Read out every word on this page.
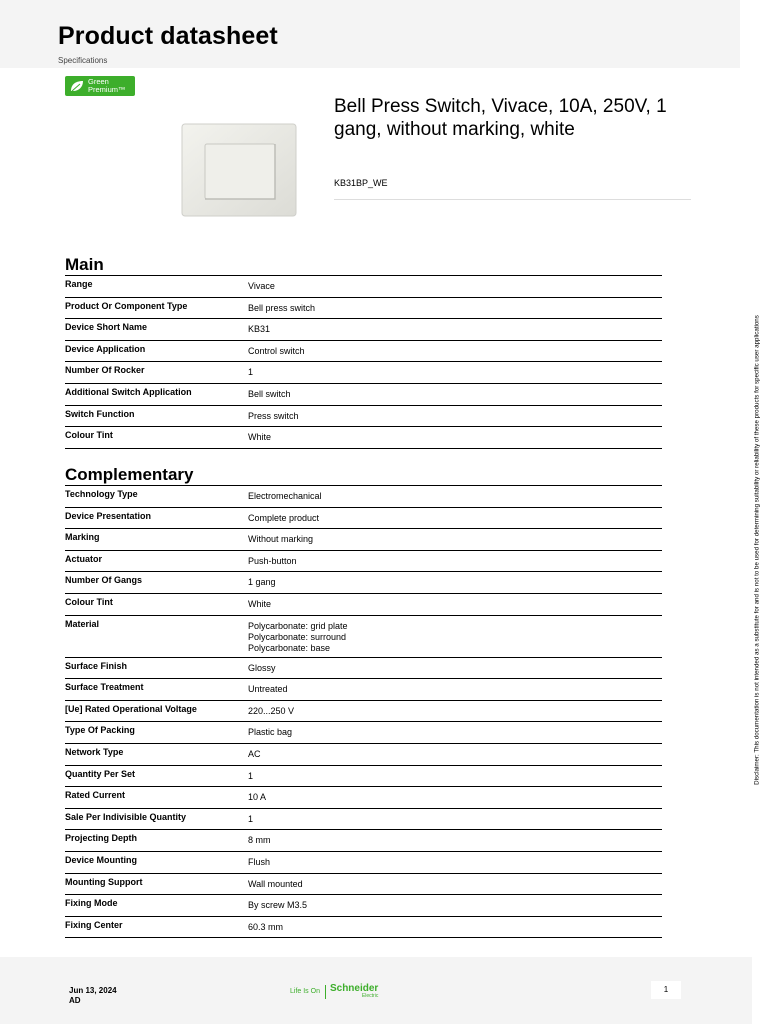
Product datasheet
Specifications
Green
Premium™
Bell Press Switch, Vivace, 10A, 250V, 1 gang, without marking, white
KB31BP_WE
Main
Range	Vivace
Product Or Component Type	Bell press switch
Device Short Name	KB31
Device Application	Control switch
Number Of Rocker	1
Additional Switch Application	Bell switch
Switch Function	Press switch
Colour Tint	White
Complementary
Technology Type	Electromechanical
Device Presentation	Complete product
Marking	Without marking
Actuator	Push-button
Number Of Gangs	1 gang
Colour Tint	White
Material	Polycarbonate: grid plate
Polycarbonate: surround
Polycarbonate: base
Surface Finish	Glossy
Surface Treatment	Untreated
[Ue] Rated Operational Voltage	220...250 V
Type Of Packing	Plastic bag
Network Type	AC
Quantity Per Set	1
Rated Current	10 A
Sale Per Indivisible Quantity	1
Projecting Depth	8 mm
Device Mounting	Flush
Mounting Support	Wall mounted
Fixing Mode	By screw M3.5
Fixing Center	60.3 mm
Disclaimer: This documentation is not intended as a substitute for and is not to be used for determining suitability or reliability of these products for specific user applications
Jun 13, 2024
AD
Life Is On Schneider
Electric
1
